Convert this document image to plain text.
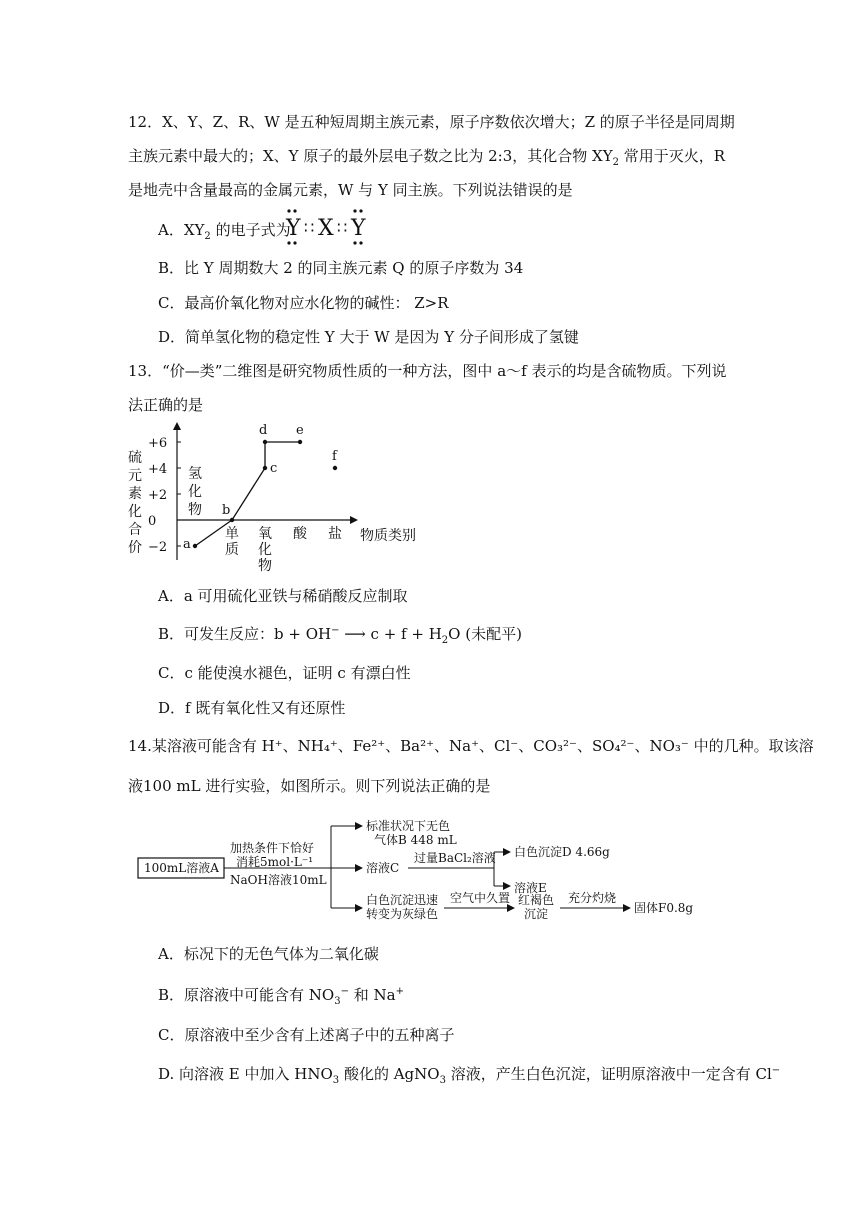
12．X、Y、Z、R、W 是五种短周期主族元素，原子序数依次增大；Z 的原子半径是同周期
主族元素中最大的；X、Y 原子的最外层电子数之比为 2:3，其化合物 $XY_2$ 常用于灭火，R
是地壳中含量最高的金属元素，W 与 Y 同主族。下列说法错误的是
A．$XY_2$ 的电子式为
Y ∷ X ∷ Y
B．比 Y 周期数大 2 的同主族元素 Q 的原子序数为 34
C．最高价氧化物对应水化物的碱性： Z>R
D．简单氢化物的稳定性 Y 大于 W 是因为 Y 分子间形成了氢键
13．“价—类”二维图是研究物质性质的一种方法，图中 a～f 表示的均是含硫物质。下列说
法正确的是
硫
元
素
化
合
价
+6
+4
+2
0
−2
氢
化
物
单
质
氧
化
物
酸 盐 物质类别
a
b
c
d e
f
A．a 可用硫化亚铁与稀硝酸反应制取
B．可发生反应：b + OH− ⟶ $c + f + H_2O$ (未配平)
C．c 能使溴水褪色，证明 c 有漂白性
D．f 既有氧化性又有还原性
14.某溶液可能含有 H⁺、NH₄⁺、Fe²⁺、Ba²⁺、Na⁺、Cl⁻、CO₃²⁻、SO₄²⁻、NO₃⁻ 中的几种。取该溶
液100 mL 进行实验，如图所示。则下列说法正确的是
100mL溶液A
加热条件下恰好
消耗5mol·L⁻¹
NaOH溶液10mL
标准状况下无色
气体B 448 mL
溶液C
过量BaCl₂溶液 白色沉淀D 4.66g
溶液E
白色沉淀迅速
转变为灰绿色
空气中久置 红褐色
沉淀
充分灼烧
固体F0.8g
A．标况下的无色气体为二氧化碳
B．原溶液中可能含有 $NO_3^-$ 和 Na+
C．原溶液中至少含有上述离子中的五种离子
D. 向溶液 E 中加入 $HNO_3$ 酸化的 AgNO$_3$ 溶液，产生白色沉淀，证明原溶液中一定含有 Cl−
